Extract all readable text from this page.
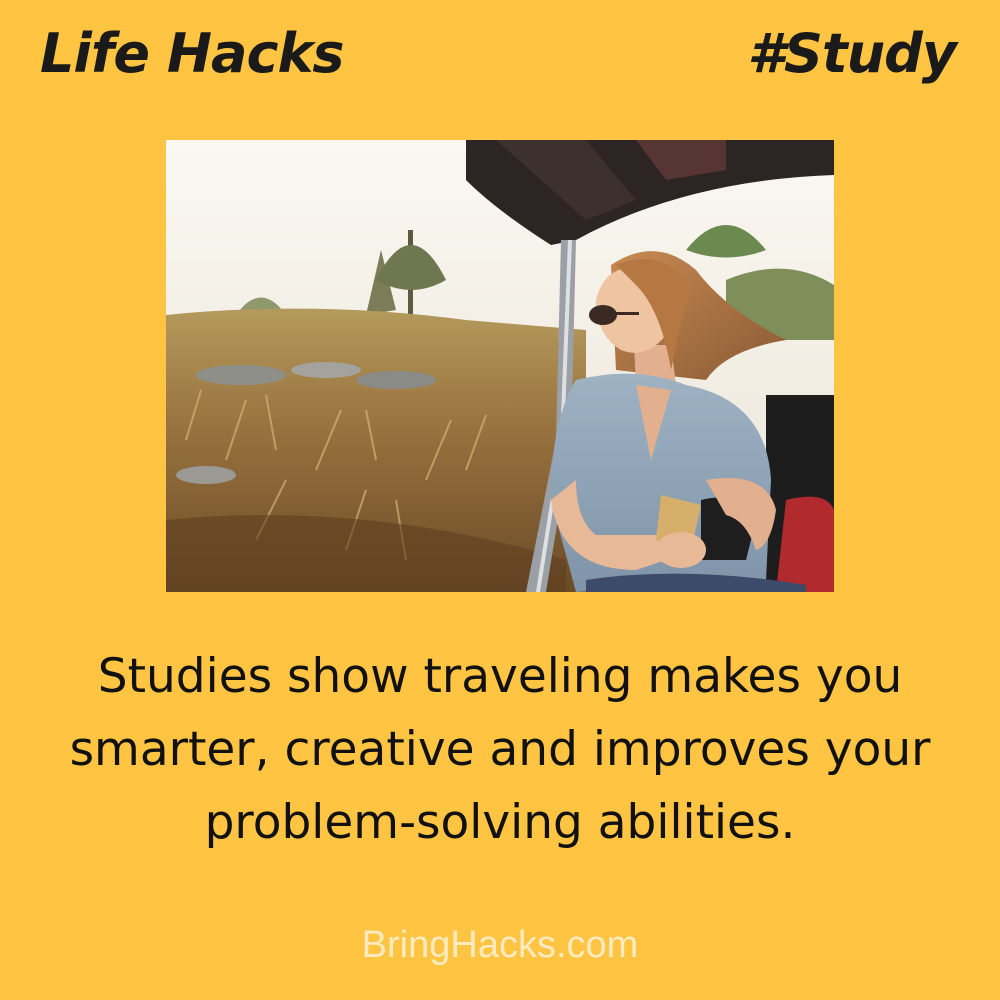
Life Hacks	#Study
Studies show traveling makes you smarter, creative and improves your problem-solving abilities.
BringHacks.com
